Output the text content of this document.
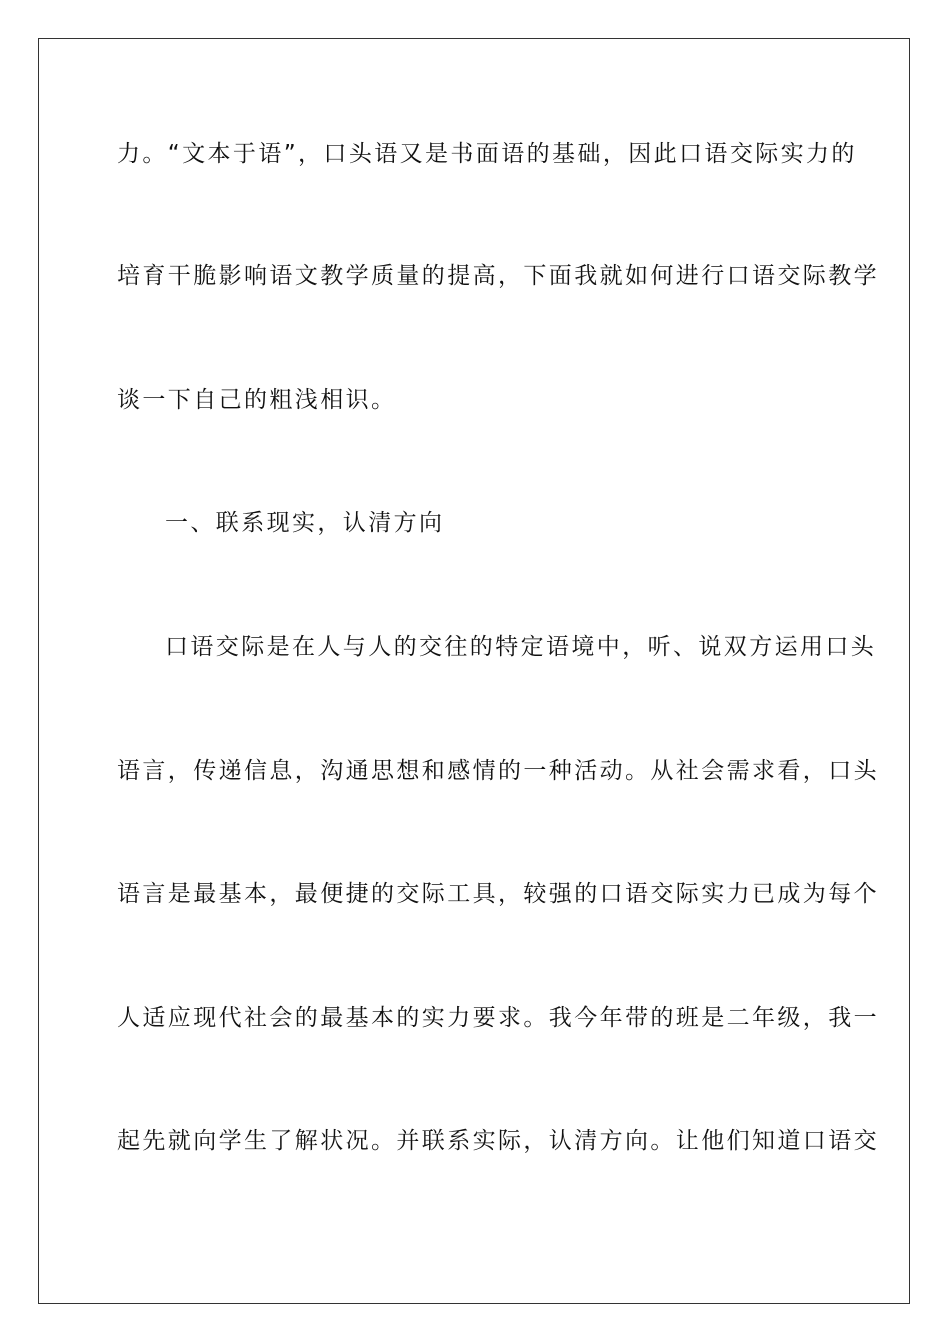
力。“文本于语”，口头语又是书面语的基础，因此口语交际实力的
培育干脆影响语文教学质量的提高，下面我就如何进行口语交际教学
谈一下自己的粗浅相识。
一、联系现实，认清方向
口语交际是在人与人的交往的特定语境中，听、说双方运用口头
语言，传递信息，沟通思想和感情的一种活动。从社会需求看，口头
语言是最基本，最便捷的交际工具，较强的口语交际实力已成为每个
人适应现代社会的最基本的实力要求。我今年带的班是二年级，我一
起先就向学生了解状况。并联系实际，认清方向。让他们知道口语交
